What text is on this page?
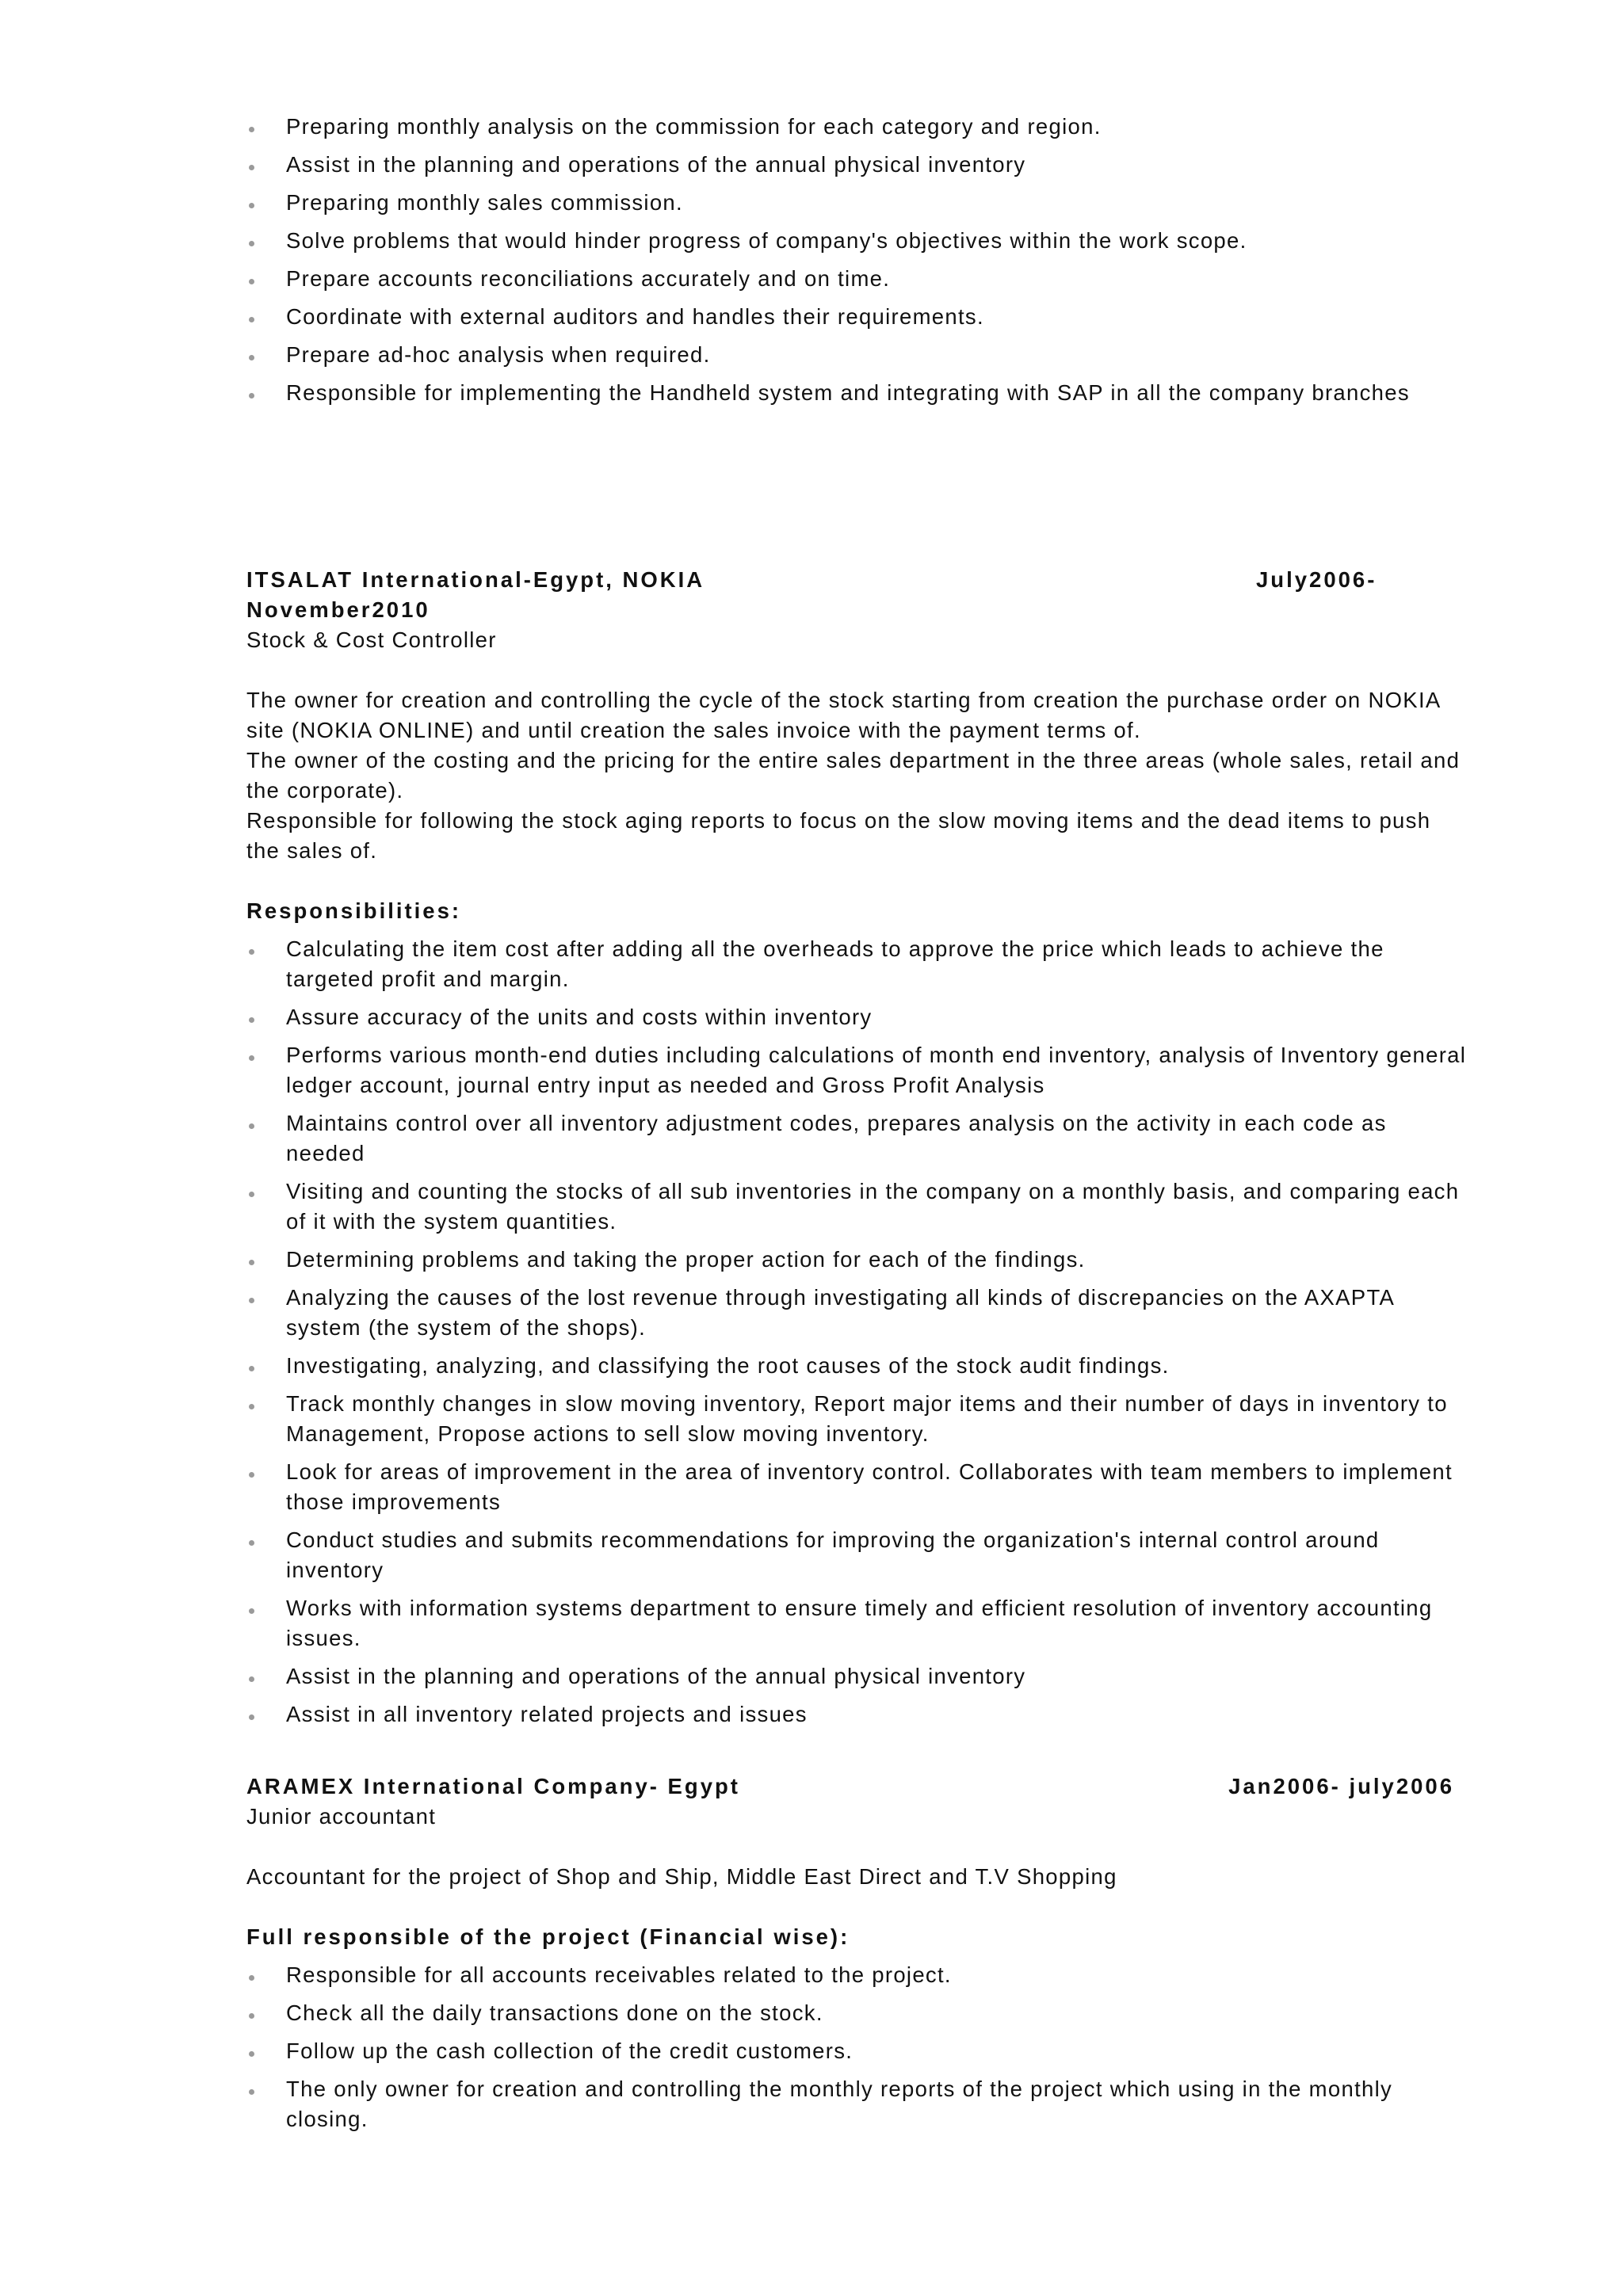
Preparing monthly analysis on the commission for each category and region.
Assist in the planning and operations of the annual physical inventory
Preparing monthly sales commission.
Solve problems that would hinder progress of company's objectives within the work scope.
Prepare accounts reconciliations accurately and on time.
Coordinate with external auditors and handles their requirements.
Prepare ad-hoc analysis when required.
Responsible for implementing the Handheld system and integrating with SAP in all the company branches
ITSALAT International-Egypt, NOKIA	July2006-
November2010

Stock & Cost Controller

The owner for creation and controlling the cycle of the stock starting from creation the purchase order on NOKIA site (NOKIA ONLINE) and until creation the sales invoice with the payment terms of.

The owner of the costing and the pricing for the entire sales department in the three areas (whole sales, retail and the corporate).

Responsible for following the stock aging reports to focus on the slow moving items and the dead items to push the sales of.

Responsibilities:
Calculating the item cost after adding all the overheads to approve the price which leads to achieve the targeted profit and margin.
Assure accuracy of the units and costs within inventory
Performs various month-end duties including calculations of month end inventory, analysis of Inventory general ledger account, journal entry input as needed and Gross Profit Analysis
Maintains control over all inventory adjustment codes, prepares analysis on the activity in each code as needed
Visiting and counting the stocks of all sub inventories in the company on a monthly basis, and comparing each of it with the system quantities.
Determining problems and taking the proper action for each of the findings.
Analyzing the causes of the lost revenue through investigating all kinds of discrepancies on the AXAPTA system (the system of the shops).
Investigating, analyzing, and classifying the root causes of the stock audit findings.
Track monthly changes in slow moving inventory, Report major items and their number of days in inventory to Management, Propose actions to sell slow moving inventory.
Look for areas of improvement in the area of inventory control. Collaborates with team members to implement those improvements
Conduct studies and submits recommendations for improving the organization's internal control around inventory
Works with information systems department to ensure timely and efficient resolution of inventory accounting issues.
Assist in the planning and operations of the annual physical inventory
Assist in all inventory related projects and issues
ARAMEX International Company- Egypt	Jan2006- july2006

Junior accountant

Accountant for the project of Shop and Ship, Middle East Direct and T.V Shopping

Full responsible of the project (Financial wise):
Responsible for all accounts receivables related to the project.
Check all the daily transactions done on the stock.
Follow up the cash collection of the credit customers.
The only owner for creation and controlling the monthly reports of the project which using in the monthly closing.
